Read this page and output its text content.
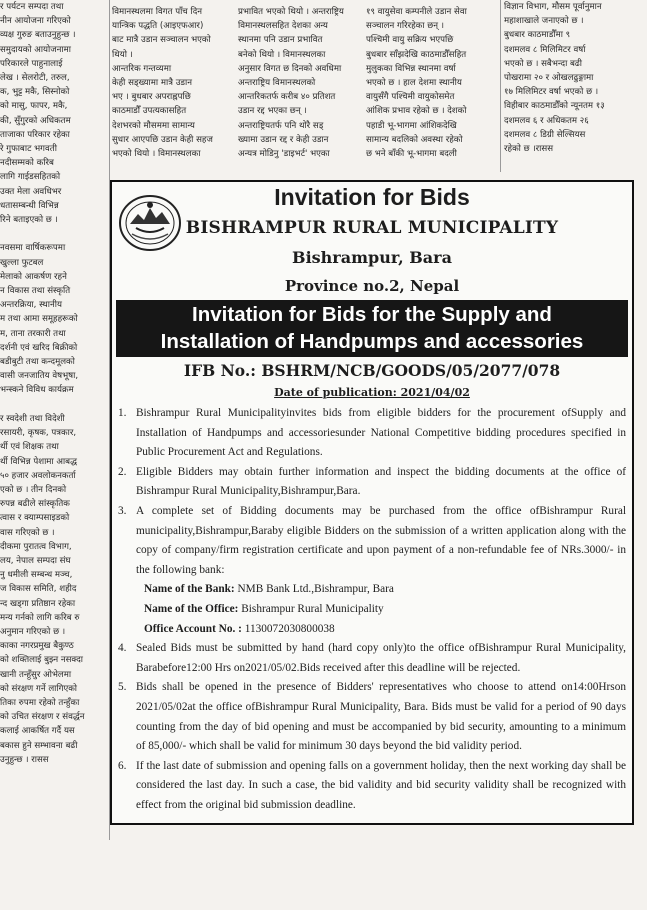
र पर्यटन सम्पदा तथा

नीन आयोजना गरिएको

व्यक्ष गुरुङ बताउनुहुन्छ ।

समुदायको आयोजनामा

परिकारले पाहुनालाई

लेख । सेलरोटी, तरुल,

क, भुट्ट मकै, सिस्नोको

को मासु, फापर, मकै,

की, सुँगुरको अधिकतम

ताजाका परिकार रहेका

रे गुफाबाट भगवती

नदीसम्मको करिब

लागि गाईडसहितको

उक्त मेला अवधिभर

धतासम्बन्धी विभिन्न

रिने बताइएको छ ।

नवसमा वार्षिकरूपमा

खुल्ला फुटबल

मेलाको आकर्षण रहने

न विकास तथा संस्कृति

अन्तरक्रिया, स्थानीय

म तथा आमा समूहहरूको

म, ताना तरकारी तथा

दर्शनी एवं खरिद बिक्रीको

बडीबुटी तथा कन्दमूलको

वासी जनजातिय वेषभूषा,

भन्स्कने विविध कार्यक्रम

र स्वदेशी तथा विदेशी

रसायरी, कृषक, पत्रकार,

र्थी एवं शिक्षक तथा

र्थी विभिन्न पेशामा आबद्ध

५० हजार अवलोकनकर्ता

एको छ । तीन दिनको

रुपन्न बढीले सांस्कृतिक

त्वास र क्याम्पसाइडको

वास गरिएको छ ।

दीकमा पुरातत्व विभाग,

लय, नेपाल सम्पदा संघ

नु धमीली सम्बन्ध मञ्च,

ज विकास समिति, शहीद

न्द खड्गा प्रतिष्ठान रहेका

मन्य गर्नको लागि करिब रु

अनुमान गरिएको छ ।

काका नगरप्रमुख बैकुण्ठ

को शक्तिलाई बुझ्न नसक्दा

खानी तन्हुँसुर ओभेलमा

को संरक्षण गर्ने लागिएको

तिका रुपमा रहेको तन्हुँका

को उचित संरक्षण र संवर्द्धन

कलाई आकर्षित गर्दै यस

बकास हुने सम्भावना बढी

उनुहुन्छ । रासस

विमानस्थलमा विगत पाँच दिन

यान्त्रिक पद्धति (आइएफआर)

बाट मात्रै उडान सञ्चालन भएको

थियो ।

आन्तरिक गन्तव्यमा

केही सड्ख्यामा मात्रै उडान

भए । बुधबार अपराह्नपछि

काठमाडौँ उपत्यकासहित

देशभरको मौसममा सामान्य

सुधार आएपछि उडान केही सहज

भएको थियो । विमानस्थलका

प्रभावित भएको थियो । अन्तराष्ट्रिय

विमानस्थलसहित देशका अन्य

स्थानमा पनि उडान प्रभावित

बनेको थियो । विमानस्थलका

अनुसार विगत छ दिनको अवधिमा

अन्तराष्ट्रिय विमानस्थलको

आन्तरिकतर्फ करीब ४० प्रतिशत

उडान रद्द भएका छन् ।

अन्तराष्ट्रियतर्फ पनि थोरै सड्

ख्यामा उडान रद्द र केही उडान

अन्यत्र मोडिनु 'डाइभर्ट' भएका

१९ वायुसेवा कम्पनीले उडान सेवा

सञ्चालन गरिरहेका छन् ।

पश्चिमी वायु सक्रिय भएपछि

बुधबार साँझदेखि काठमाडौँसहित

मुलुकका विभिन्न स्थानमा वर्षा

भएको छ । हाल देशमा स्थानीय

वायुसँगै पश्चिमी वायुकोसमेत

आंशिक प्रभाव रहेको छ । देशको

पहाडी भू-भागमा आंशिकदेखि

सामान्य बदलिको अवस्था रहेको

छ भने बाँकी भू-भागमा बदली

विज्ञान विभाग, मौसम पूर्वानुमान

महाशाखाले जनाएको छ ।

बुधबार काठमाडौँमा ९

दशमलव ८ मिलिमिटर वर्षा

भएको छ । सबैभन्दा बढी

पोखरामा २० र ओखलढुङ्गामा

१७ मिलिमिटर वर्षा भएको छ ।

विहीबार काठमाडौँको न्यूनतम १३

दशमलव ६ र अधिकतम २६

दशमलव ८ डिग्री सेल्सियस

रहेको छ ।रासस

Invitation for Bids
BISHRAMPUR RURAL MUNICIPALITY
Bishrampur, Bara
Province no.2, Nepal
Invitation for Bids for the Supply and
Installation of Handpumps and accessories
IFB No.: BSHRM/NCB/GOODS/05/2077/078
Date of publication: 2021/04/02
1. Bishrampur Rural Municipalityinvites bids from eligible bidders for the procurement ofSupply and Installation of Handpumps and accessoriesunder National Competitive bidding procedures specified in Public Procurement Act and Regulations.
2. Eligible Bidders may obtain further information and inspect the bidding documents at the office of Bishrampur Rural Municipality,Bishrampur,Bara.
3. A complete set of Bidding documents may be purchased from the office ofBishrampur Rural municipality,Bishrampur,Baraby eligible Bidders on the submission of a written application along with the copy of company/firm registration certificate and upon payment of a non-refundable fee of NRs.3000/- in the following bank:
Name of the Bank: NMB Bank Ltd.,Bishrampur, Bara
Name of the Office: Bishrampur Rural Municipality
Office Account No. : 1130072030800038
4. Sealed Bids must be submitted by hand (hard copy only)to the office ofBishrampur Rural Municipality, Barabefore12:00 Hrs on2021/05/02.Bids received after this deadline will be rejected.
5. Bids shall be opened in the presence of Bidders' representatives who choose to attend on14:00Hrson 2021/05/02at the office ofBishrampur Rural Municipality, Bara. Bids must be valid for a period of 90 days counting from the day of bid opening and must be accompanied by bid security, amounting to a minimum of 85,000/- which shall be valid for minimum 30 days beyond the bid validity period.
6. If the last date of submission and opening falls on a government holiday, then the next working day shall be considered the last day. In such a case, the bid validity and bid security validity shall be recognized with effect from the original bid submission deadline.
